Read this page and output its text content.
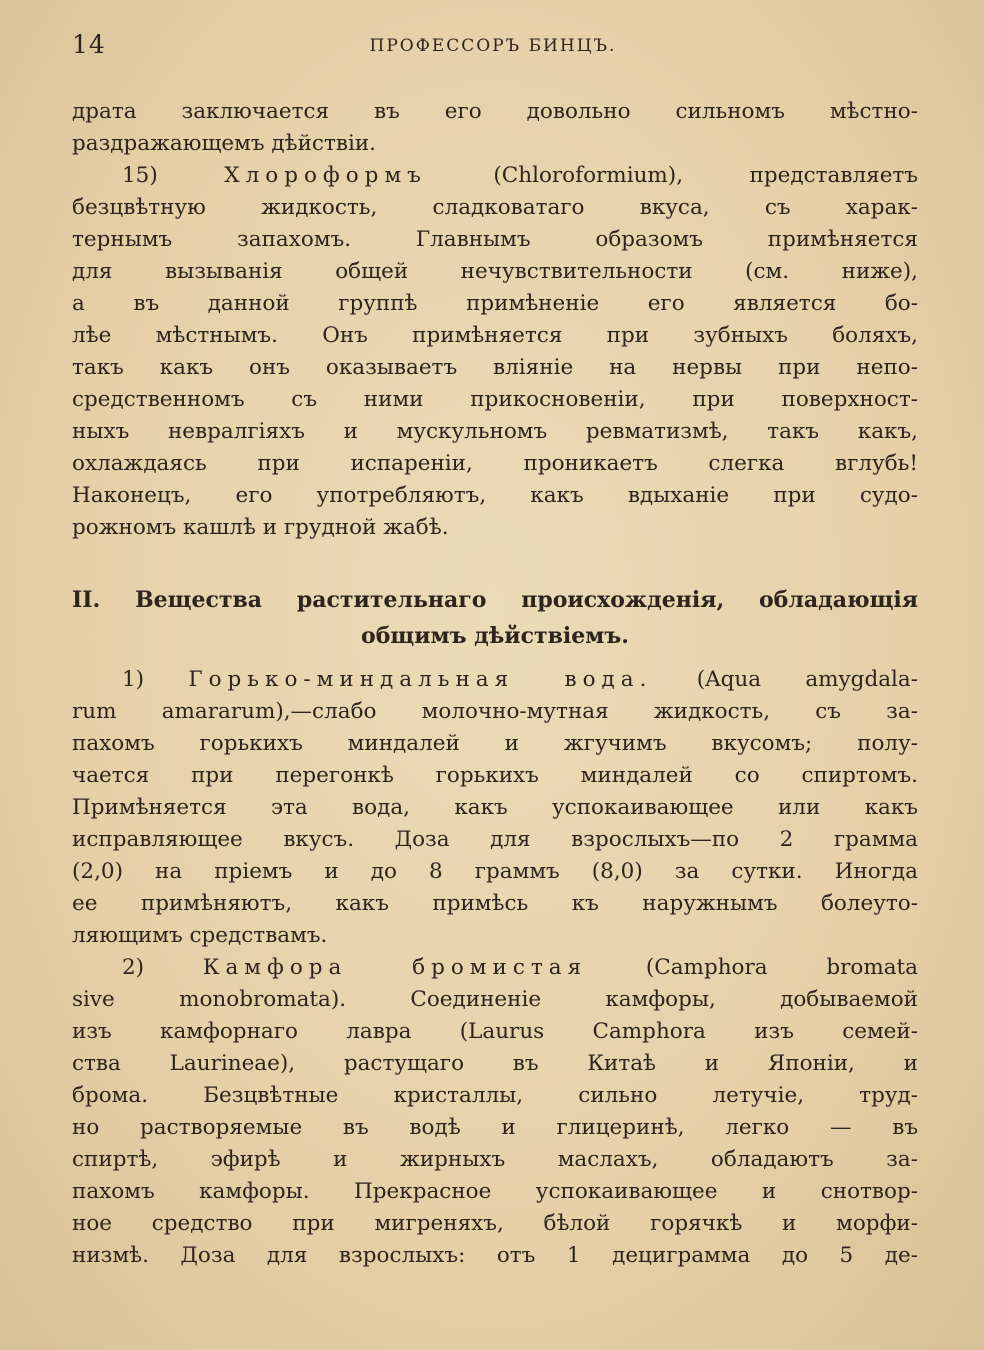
14	ПРОФЕССОРЪ БИНЦЪ.
драта заключается въ его довольно сильномъ мѣстно-
раздражающемъ дѣйствіи.
15) Хлороформъ (Chloroformium), представляетъ
безцвѣтную жидкость, сладковатаго вкуса, съ харак-
тернымъ запахомъ. Главнымъ образомъ примѣняется
для вызыванія общей нечувствительности (см. ниже),
а въ данной группѣ примѣненіе его является бо-
лѣе мѣстнымъ. Онъ примѣняется при зубныхъ боляхъ,
такъ какъ онъ оказываетъ вліяніе на нервы при непо-
средственномъ съ ними прикосновеніи, при поверхност-
ныхъ невралгіяхъ и мускульномъ ревматизмѣ, такъ какъ,
охлаждаясь при испареніи, проникаетъ слегка вглубь!
Наконецъ, его употребляютъ, какъ вдыханіе при судо-
рожномъ кашлѣ и грудной жабѣ.
II. Вещества растительнаго происхожденія, обладающія
общимъ дѣйствіемъ.
1) Горько-миндальная вода. (Aqua amygdala-
rum amararum),—слабо молочно-мутная жидкость, съ за-
пахомъ горькихъ миндалей и жгучимъ вкусомъ; полу-
чается при перегонкѣ горькихъ миндалей со спиртомъ.
Примѣняется эта вода, какъ успокаивающее или какъ
исправляющее вкусъ. Доза для взрослыхъ—по 2 грамма
(2,0) на пріемъ и до 8 граммъ (8,0) за сутки. Иногда
ее примѣняютъ, какъ примѣсь къ наружнымъ болеуто-
ляющимъ средствамъ.
2) Камфора бромистая (Camphora bromata
sive monobromata). Соединеніе камфоры, добываемой
изъ камфорнаго лавра (Laurus Camphora изъ семей-
ства Laurineae), растущаго въ Китаѣ и Японіи, и
брома. Безцвѣтные кристаллы, сильно летучіе, труд-
но растворяемые въ водѣ и глицеринѣ, легко — въ
спиртѣ, эфирѣ и жирныхъ маслахъ, обладаютъ за-
пахомъ камфоры. Прекрасное успокаивающее и снотвор-
ное средство при мигреняхъ, бѣлой горячкѣ и морфи-
низмѣ. Доза для взрослыхъ: отъ 1 дециграмма до 5 де-
